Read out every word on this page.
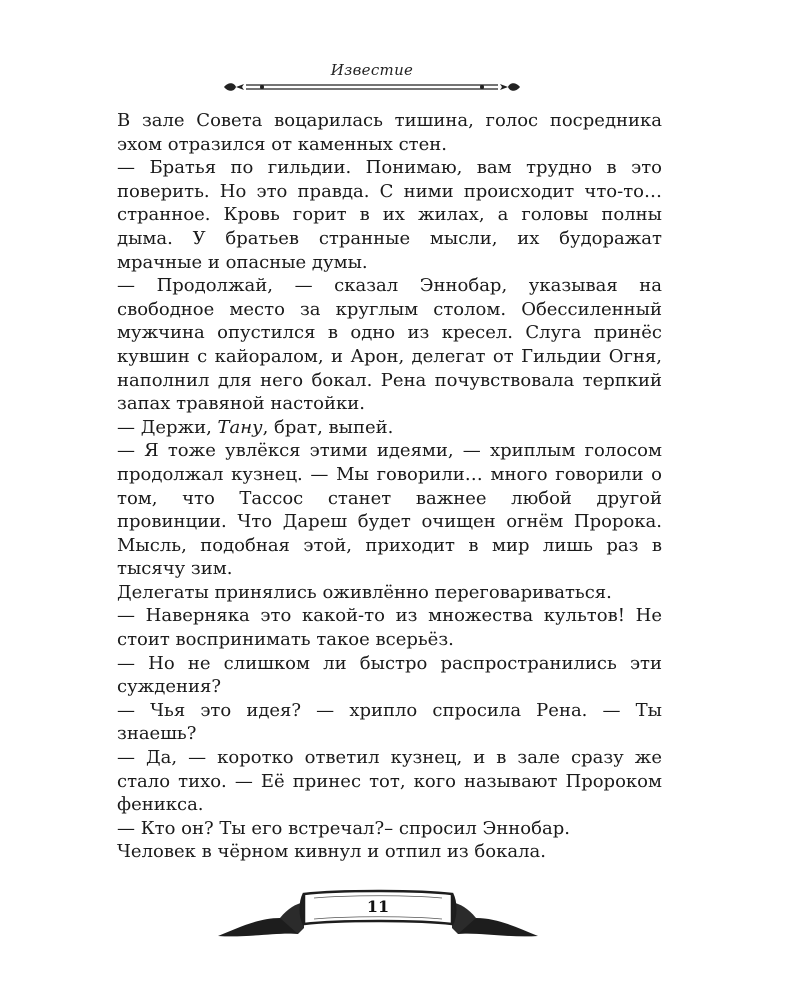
Известие

В зале Совета воцарилась тишина, голос посредника эхом отразился от каменных стен.

— Братья по гильдии. Понимаю, вам трудно в это поверить. Но это правда. С ними происходит что-то… странное. Кровь горит в их жилах, а головы полны дыма. У братьев странные мысли, их будоражат мрачные и опасные думы.

— Продолжай, — сказал Эннобар, указывая на свободное место за круглым столом. Обессиленный мужчина опустился в одно из кресел. Слуга принёс кувшин с кайоралом, и Арон, делегат от Гильдии Огня, наполнил для него бокал. Рена почувствовала терпкий запах травяной настойки.

— Держи, Тану, брат, выпей.

— Я тоже увлёкся этими идеями, — хриплым голосом продолжал кузнец. — Мы говорили… много говорили о том, что Тассос станет важнее любой другой провинции. Что Дареш будет очищен огнём Пророка. Мысль, подобная этой, приходит в мир лишь раз в тысячу зим.

Делегаты принялись оживлённо переговариваться.

— Наверняка это какой-то из множества культов! Не стоит воспринимать такое всерьёз.

— Но не слишком ли быстро распространились эти суждения?

— Чья это идея? — хрипло спросила Рена. — Ты знаешь?

— Да, — коротко ответил кузнец, и в зале сразу же стало тихо. — Её принес тот, кого называют Пророком феникса.

— Кто он? Ты его встречал?– спросил Эннобар.

Человек в чёрном кивнул и отпил из бокала.

11
